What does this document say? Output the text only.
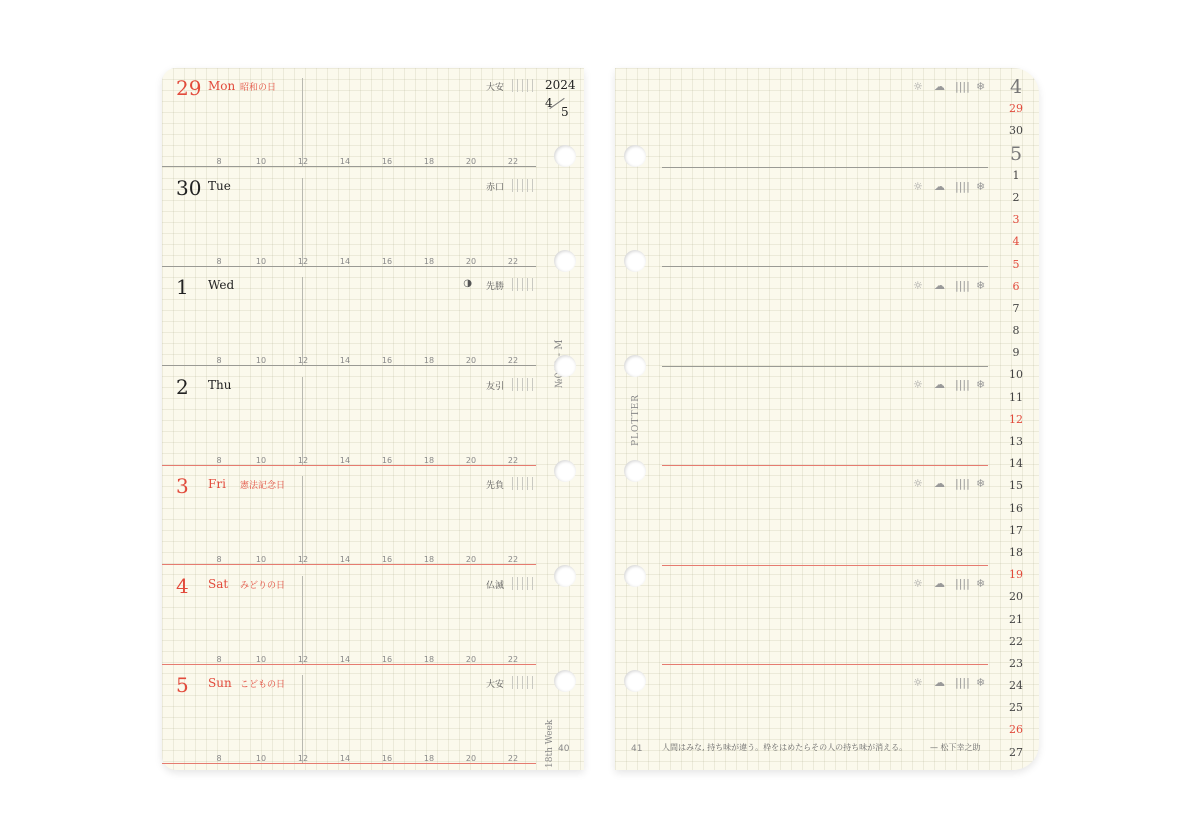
2024
4
5
18th Week 40
29 Mon 昭和の日	大安
8	10	12	14	16	18	20	22
30 Tue	赤口
8	10	12	14	16	18	20	22
1 Wed	◑ 先勝
8	10	12	14	16	18	20	22
2 Thu	友引
8	10	12	14	16	18	20	22
3 Fri 憲法記念日	先負
8	10	12	14	16	18	20	22
4 Sat みどりの日	仏滅
8	10	12	14	16	18	20	22
5 Sun こどもの日	大安
8	10	12	14	16	18	20	22
PLOTTER
☼ ☁ |||| ❄
☼ ☁ |||| ❄
☼ ☁ |||| ❄
☼ ☁ |||| ❄
☼ ☁ |||| ❄
☼ ☁ |||| ❄
☼ ☁ |||| ❄
41 人間はみな, 持ち味が違う。枠をはめたらその人の持ち味が消える。	— 松下幸之助
4
29
30
5
1
2
3
4
5
6
7
8
9
10
11
12
13
14
15
16
17
18
19
20
21
22
23
24
25
26
27
